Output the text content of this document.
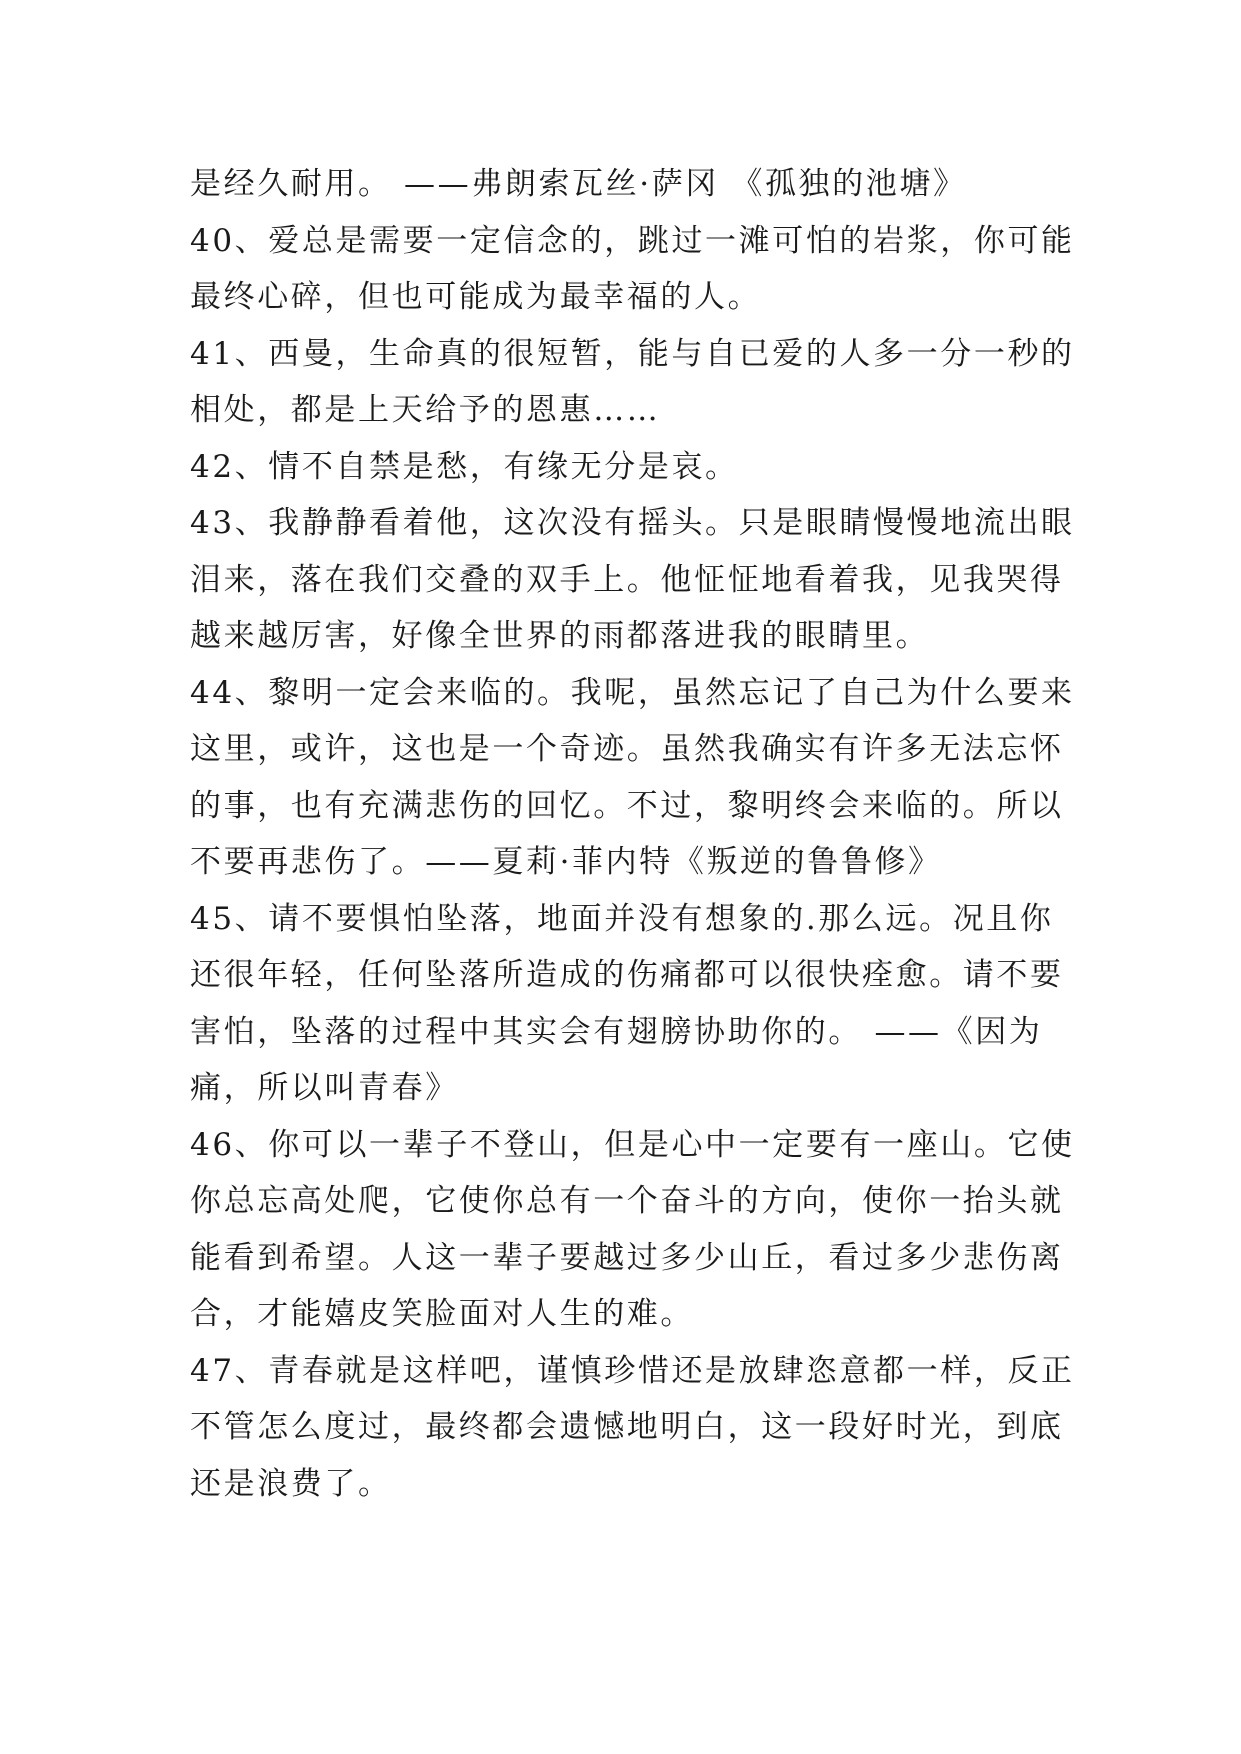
是经久耐用。 ——弗朗索瓦丝·萨冈 《孤独的池塘》
40、爱总是需要一定信念的，跳过一滩可怕的岩浆，你可能
最终心碎，但也可能成为最幸福的人。
41、西曼，生命真的很短暂，能与自已爱的人多一分一秒的
相处，都是上天给予的恩惠……
42、情不自禁是愁，有缘无分是哀。
43、我静静看着他，这次没有摇头。只是眼睛慢慢地流出眼
泪来，落在我们交叠的双手上。他怔怔地看着我，见我哭得
越来越厉害，好像全世界的雨都落进我的眼睛里。
44、黎明一定会来临的。我呢，虽然忘记了自己为什么要来
这里，或许，这也是一个奇迹。虽然我确实有许多无法忘怀
的事，也有充满悲伤的回忆。不过，黎明终会来临的。所以
不要再悲伤了。——夏莉·菲内特《叛逆的鲁鲁修》
45、请不要惧怕坠落，地面并没有想象的.那么远。况且你
还很年轻，任何坠落所造成的伤痛都可以很快痊愈。请不要
害怕，坠落的过程中其实会有翅膀协助你的。 ——《因为
痛，所以叫青春》
46、你可以一辈子不登山，但是心中一定要有一座山。它使
你总忘高处爬，它使你总有一个奋斗的方向，使你一抬头就
能看到希望。人这一辈子要越过多少山丘，看过多少悲伤离
合，才能嬉皮笑脸面对人生的难。
47、青春就是这样吧，谨慎珍惜还是放肆恣意都一样，反正
不管怎么度过，最终都会遗憾地明白，这一段好时光，到底
还是浪费了。
